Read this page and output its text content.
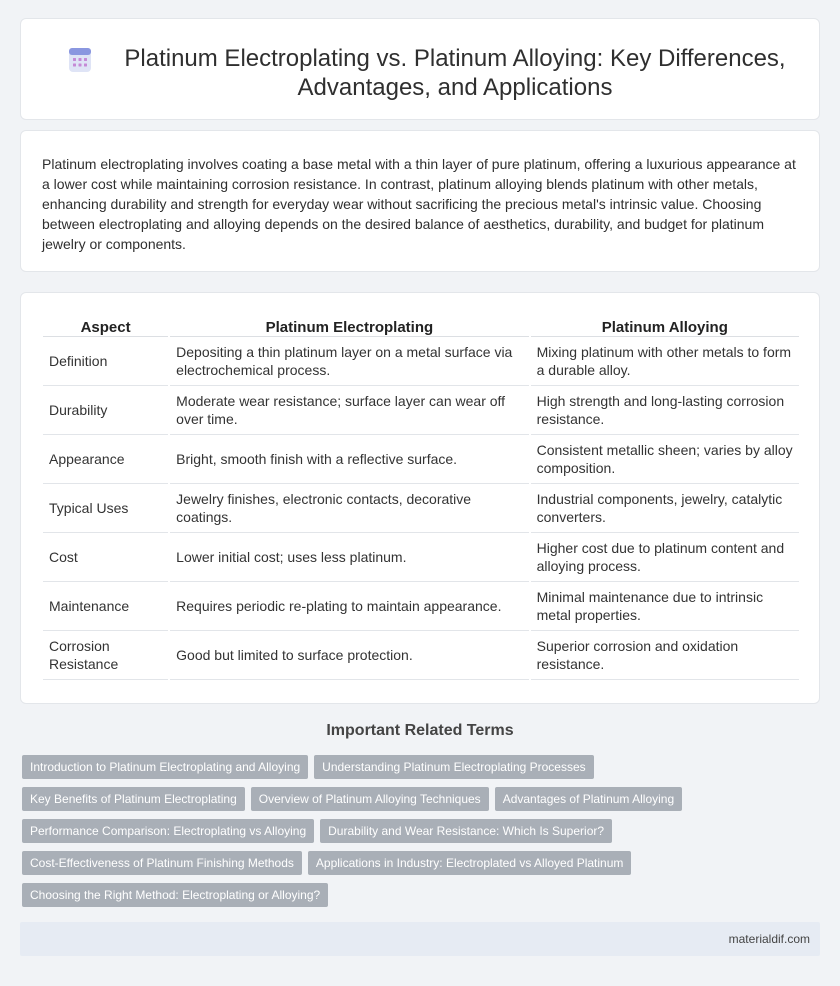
Platinum Electroplating vs. Platinum Alloying: Key Differences, Advantages, and Applications

Platinum electroplating involves coating a base metal with a thin layer of pure platinum, offering a luxurious appearance at a lower cost while maintaining corrosion resistance. In contrast, platinum alloying blends platinum with other metals, enhancing durability and strength for everyday wear without sacrificing the precious metal's intrinsic value. Choosing between electroplating and alloying depends on the desired balance of aesthetics, durability, and budget for platinum jewelry or components.

Aspect	Platinum Electroplating	Platinum Alloying
Definition	Depositing a thin platinum layer on a metal surface via electrochemical process.	Mixing platinum with other metals to form a durable alloy.
Durability	Moderate wear resistance; surface layer can wear off over time.	High strength and long-lasting corrosion resistance.
Appearance	Bright, smooth finish with a reflective surface.	Consistent metallic sheen; varies by alloy composition.
Typical Uses	Jewelry finishes, electronic contacts, decorative coatings.	Industrial components, jewelry, catalytic converters.
Cost	Lower initial cost; uses less platinum.	Higher cost due to platinum content and alloying process.
Maintenance	Requires periodic re-plating to maintain appearance.	Minimal maintenance due to intrinsic metal properties.
Corrosion Resistance	Good but limited to surface protection.	Superior corrosion and oxidation resistance.
Important Related Terms
Introduction to Platinum Electroplating and Alloying	Understanding Platinum Electroplating Processes
Key Benefits of Platinum Electroplating	Overview of Platinum Alloying Techniques	Advantages of Platinum Alloying
Performance Comparison: Electroplating vs Alloying	Durability and Wear Resistance: Which Is Superior?
Cost-Effectiveness of Platinum Finishing Methods	Applications in Industry: Electroplated vs Alloyed Platinum
Choosing the Right Method: Electroplating or Alloying?
materialdif.com
